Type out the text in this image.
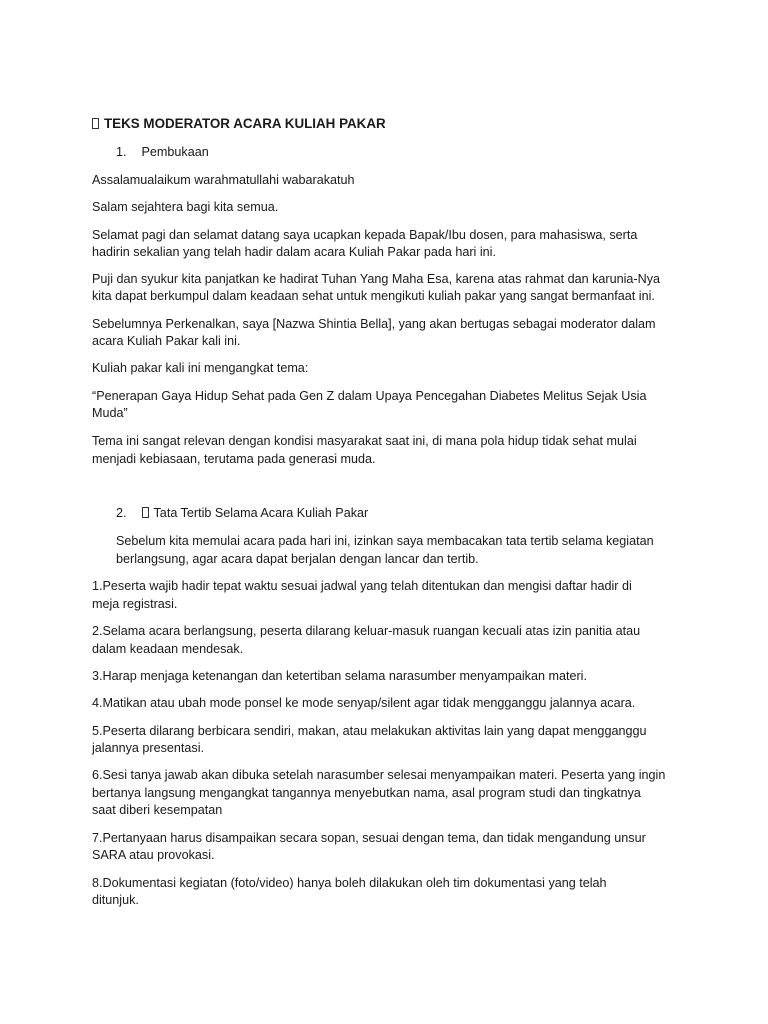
TEKS MODERATOR ACARA KULIAH PAKAR

1. Pembukaan

Assalamualaikum warahmatullahi wabarakatuh

Salam sejahtera bagi kita semua.

Selamat pagi dan selamat datang saya ucapkan kepada Bapak/Ibu dosen, para mahasiswa, serta

hadirin sekalian yang telah hadir dalam acara Kuliah Pakar pada hari ini.

Puji dan syukur kita panjatkan ke hadirat Tuhan Yang Maha Esa, karena atas rahmat dan karunia-Nya

kita dapat berkumpul dalam keadaan sehat untuk mengikuti kuliah pakar yang sangat bermanfaat ini.

Sebelumnya Perkenalkan, saya [Nazwa Shintia Bella], yang akan bertugas sebagai moderator dalam

acara Kuliah Pakar kali ini.

Kuliah pakar kali ini mengangkat tema:

“Penerapan Gaya Hidup Sehat pada Gen Z dalam Upaya Pencegahan Diabetes Melitus Sejak Usia

Muda”

Tema ini sangat relevan dengan kondisi masyarakat saat ini, di mana pola hidup tidak sehat mulai

menjadi kebiasaan, terutama pada generasi muda.

2. Tata Tertib Selama Acara Kuliah Pakar

Sebelum kita memulai acara pada hari ini, izinkan saya membacakan tata tertib selama kegiatan

berlangsung, agar acara dapat berjalan dengan lancar dan tertib.

1.Peserta wajib hadir tepat waktu sesuai jadwal yang telah ditentukan dan mengisi daftar hadir di

meja registrasi.

2.Selama acara berlangsung, peserta dilarang keluar-masuk ruangan kecuali atas izin panitia atau

dalam keadaan mendesak.

3.Harap menjaga ketenangan dan ketertiban selama narasumber menyampaikan materi.

4.Matikan atau ubah mode ponsel ke mode senyap/silent agar tidak mengganggu jalannya acara.

5.Peserta dilarang berbicara sendiri, makan, atau melakukan aktivitas lain yang dapat mengganggu

jalannya presentasi.

6.Sesi tanya jawab akan dibuka setelah narasumber selesai menyampaikan materi. Peserta yang ingin

bertanya langsung mengangkat tangannya menyebutkan nama, asal program studi dan tingkatnya

saat diberi kesempatan

7.Pertanyaan harus disampaikan secara sopan, sesuai dengan tema, dan tidak mengandung unsur

SARA atau provokasi.

8.Dokumentasi kegiatan (foto/video) hanya boleh dilakukan oleh tim dokumentasi yang telah

ditunjuk.
